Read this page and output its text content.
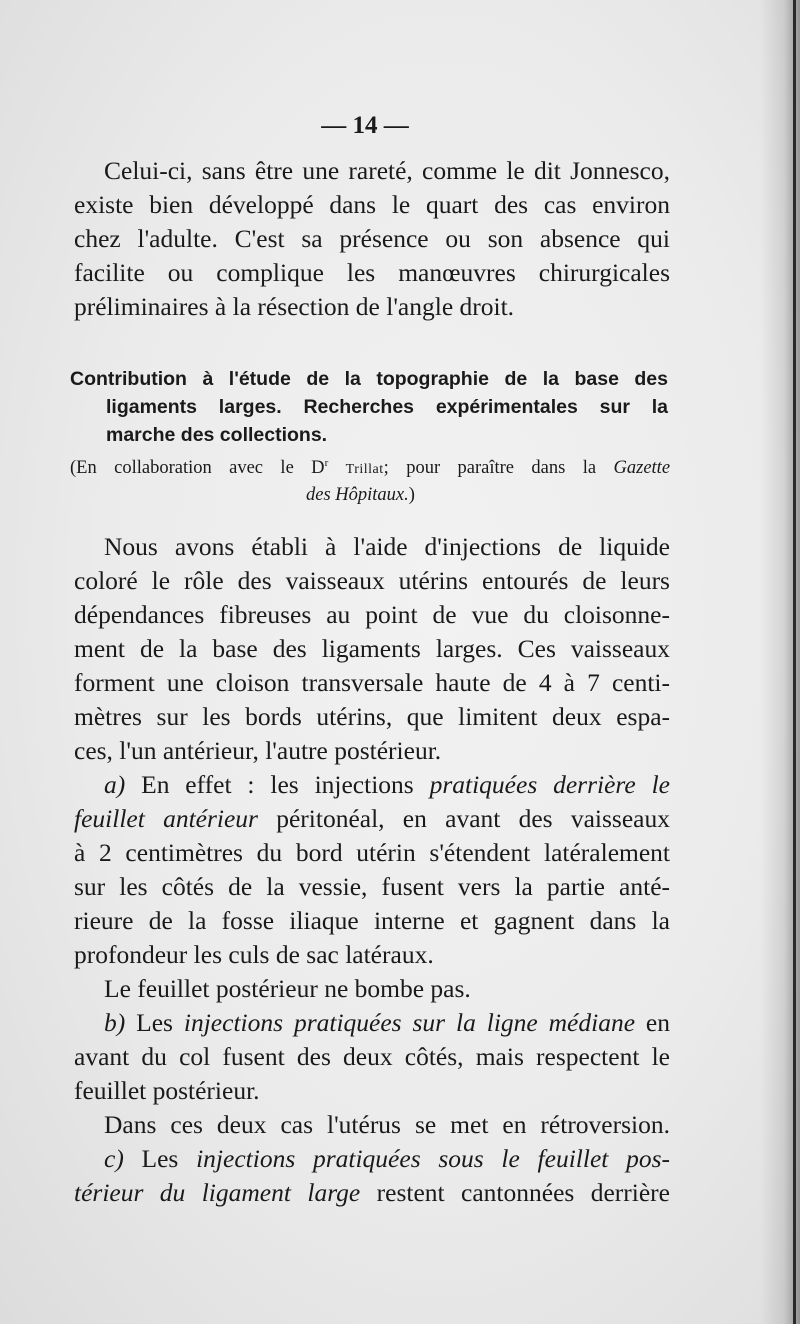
— 14 —
Celui-ci, sans être une rareté, comme le dit Jonnesco,
existe bien développé dans le quart des cas environ
chez l'adulte. C'est sa présence ou son absence qui
facilite ou complique les manœuvres chirurgicales
préliminaires à la résection de l'angle droit.
Contribution à l'étude de la topographie de la base des
ligaments larges. Recherches expérimentales sur la
marche des collections.
(En collaboration avec le $D^r$ Trillat; pour paraître dans la Gazette
des Hôpitaux.)
Nous avons établi à l'aide d'injections de liquide
coloré le rôle des vaisseaux utérins entourés de leurs
dépendances fibreuses au point de vue du cloisonne-
ment de la base des ligaments larges. Ces vaisseaux
forment une cloison transversale haute de 4 à 7 centi-
mètres sur les bords utérins, que limitent deux espa-
ces, l'un antérieur, l'autre postérieur.
a) En effet : les injections pratiquées derrière le
feuillet antérieur péritonéal, en avant des vaisseaux
à 2 centimètres du bord utérin s'étendent latéralement
sur les côtés de la vessie, fusent vers la partie anté-
rieure de la fosse iliaque interne et gagnent dans la
profondeur les culs de sac latéraux.
Le feuillet postérieur ne bombe pas.
b) Les injections pratiquées sur la ligne médiane en
avant du col fusent des deux côtés, mais respectent le
feuillet postérieur.
Dans ces deux cas l'utérus se met en rétroversion.
c) Les injections pratiquées sous le feuillet pos-
térieur du ligament large restent cantonnées derrière
